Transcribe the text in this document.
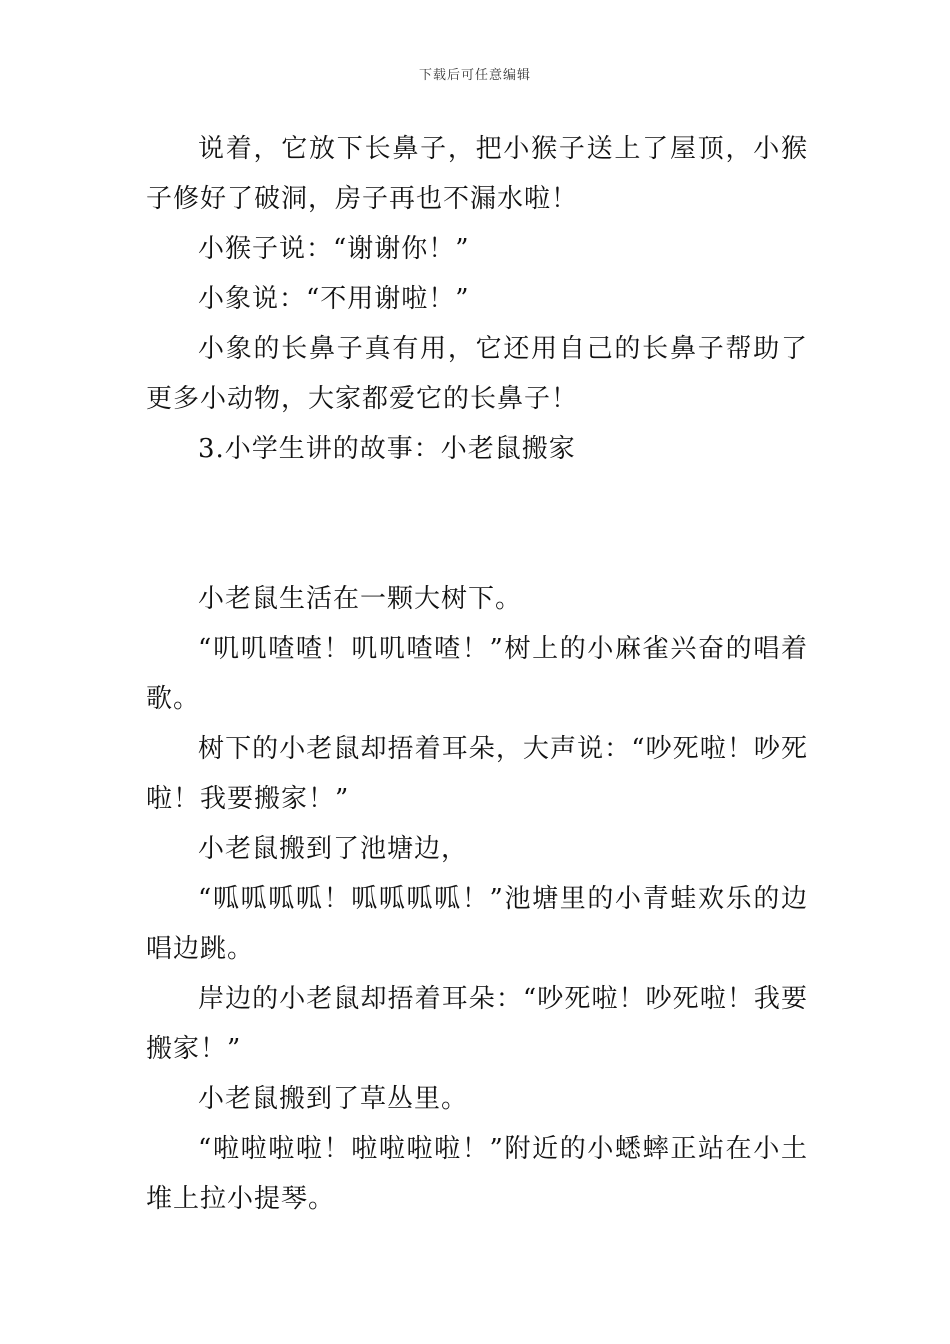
下载后可任意编辑

说着，它放下长鼻子，把小猴子送上了屋顶，小猴子修好了破洞，房子再也不漏水啦！

小猴子说：“谢谢你！”

小象说：“不用谢啦！”

小象的长鼻子真有用，它还用自己的长鼻子帮助了更多小动物，大家都爱它的长鼻子！

3.小学生讲的故事：小老鼠搬家

小老鼠生活在一颗大树下。

“叽叽喳喳！叽叽喳喳！”树上的小麻雀兴奋的唱着歌。

树下的小老鼠却捂着耳朵，大声说：“吵死啦！吵死啦！我要搬家！”

小老鼠搬到了池塘边，

“呱呱呱呱！呱呱呱呱！”池塘里的小青蛙欢乐的边唱边跳。

岸边的小老鼠却捂着耳朵：“吵死啦！吵死啦！我要搬家！”

小老鼠搬到了草丛里。

“啦啦啦啦！啦啦啦啦！”附近的小蟋蟀正站在小土堆上拉小提琴。
